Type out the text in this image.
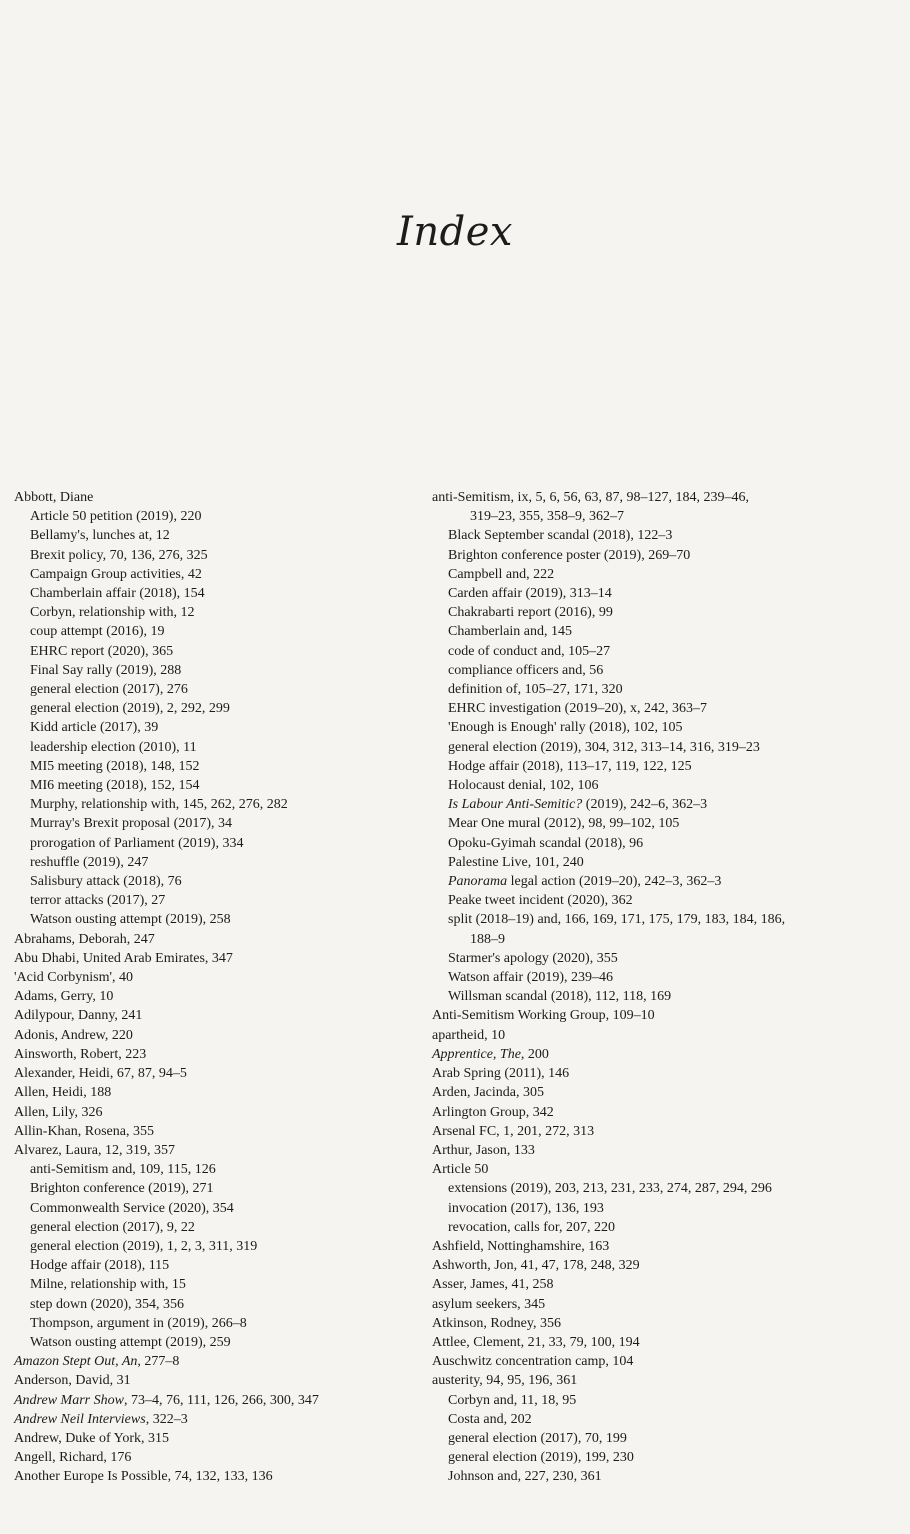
Index
Abbott, Diane
Article 50 petition (2019), 220
Bellamy's, lunches at, 12
Brexit policy, 70, 136, 276, 325
Campaign Group activities, 42
Chamberlain affair (2018), 154
Corbyn, relationship with, 12
coup attempt (2016), 19
EHRC report (2020), 365
Final Say rally (2019), 288
general election (2017), 276
general election (2019), 2, 292, 299
Kidd article (2017), 39
leadership election (2010), 11
MI5 meeting (2018), 148, 152
MI6 meeting (2018), 152, 154
Murphy, relationship with, 145, 262, 276, 282
Murray's Brexit proposal (2017), 34
prorogation of Parliament (2019), 334
reshuffle (2019), 247
Salisbury attack (2018), 76
terror attacks (2017), 27
Watson ousting attempt (2019), 258
Abrahams, Deborah, 247
Abu Dhabi, United Arab Emirates, 347
'Acid Corbynism', 40
Adams, Gerry, 10
Adilypour, Danny, 241
Adonis, Andrew, 220
Ainsworth, Robert, 223
Alexander, Heidi, 67, 87, 94–5
Allen, Heidi, 188
Allen, Lily, 326
Allin-Khan, Rosena, 355
Alvarez, Laura, 12, 319, 357
anti-Semitism and, 109, 115, 126
Brighton conference (2019), 271
Commonwealth Service (2020), 354
general election (2017), 9, 22
general election (2019), 1, 2, 3, 311, 319
Hodge affair (2018), 115
Milne, relationship with, 15
step down (2020), 354, 356
Thompson, argument in (2019), 266–8
Watson ousting attempt (2019), 259
Amazon Stept Out, An, 277–8
Anderson, David, 31
Andrew Marr Show, 73–4, 76, 111, 126, 266, 300, 347
Andrew Neil Interviews, 322–3
Andrew, Duke of York, 315
Angell, Richard, 176
Another Europe Is Possible, 74, 132, 133, 136
anti-Semitism, ix, 5, 6, 56, 63, 87, 98–127, 184, 239–46,
319–23, 355, 358–9, 362–7
Black September scandal (2018), 122–3
Brighton conference poster (2019), 269–70
Campbell and, 222
Carden affair (2019), 313–14
Chakrabarti report (2016), 99
Chamberlain and, 145
code of conduct and, 105–27
compliance officers and, 56
definition of, 105–27, 171, 320
EHRC investigation (2019–20), x, 242, 363–7
'Enough is Enough' rally (2018), 102, 105
general election (2019), 304, 312, 313–14, 316, 319–23
Hodge affair (2018), 113–17, 119, 122, 125
Holocaust denial, 102, 106
Is Labour Anti-Semitic? (2019), 242–6, 362–3
Mear One mural (2012), 98, 99–102, 105
Opoku-Gyimah scandal (2018), 96
Palestine Live, 101, 240
Panorama legal action (2019–20), 242–3, 362–3
Peake tweet incident (2020), 362
split (2018–19) and, 166, 169, 171, 175, 179, 183, 184, 186,
188–9
Starmer's apology (2020), 355
Watson affair (2019), 239–46
Willsman scandal (2018), 112, 118, 169
Anti-Semitism Working Group, 109–10
apartheid, 10
Apprentice, The, 200
Arab Spring (2011), 146
Arden, Jacinda, 305
Arlington Group, 342
Arsenal FC, 1, 201, 272, 313
Arthur, Jason, 133
Article 50
extensions (2019), 203, 213, 231, 233, 274, 287, 294, 296
invocation (2017), 136, 193
revocation, calls for, 207, 220
Ashfield, Nottinghamshire, 163
Ashworth, Jon, 41, 47, 178, 248, 329
Asser, James, 41, 258
asylum seekers, 345
Atkinson, Rodney, 356
Attlee, Clement, 21, 33, 79, 100, 194
Auschwitz concentration camp, 104
austerity, 94, 95, 196, 361
Corbyn and, 11, 18, 95
Costa and, 202
general election (2017), 70, 199
general election (2019), 199, 230
Johnson and, 227, 230, 361
